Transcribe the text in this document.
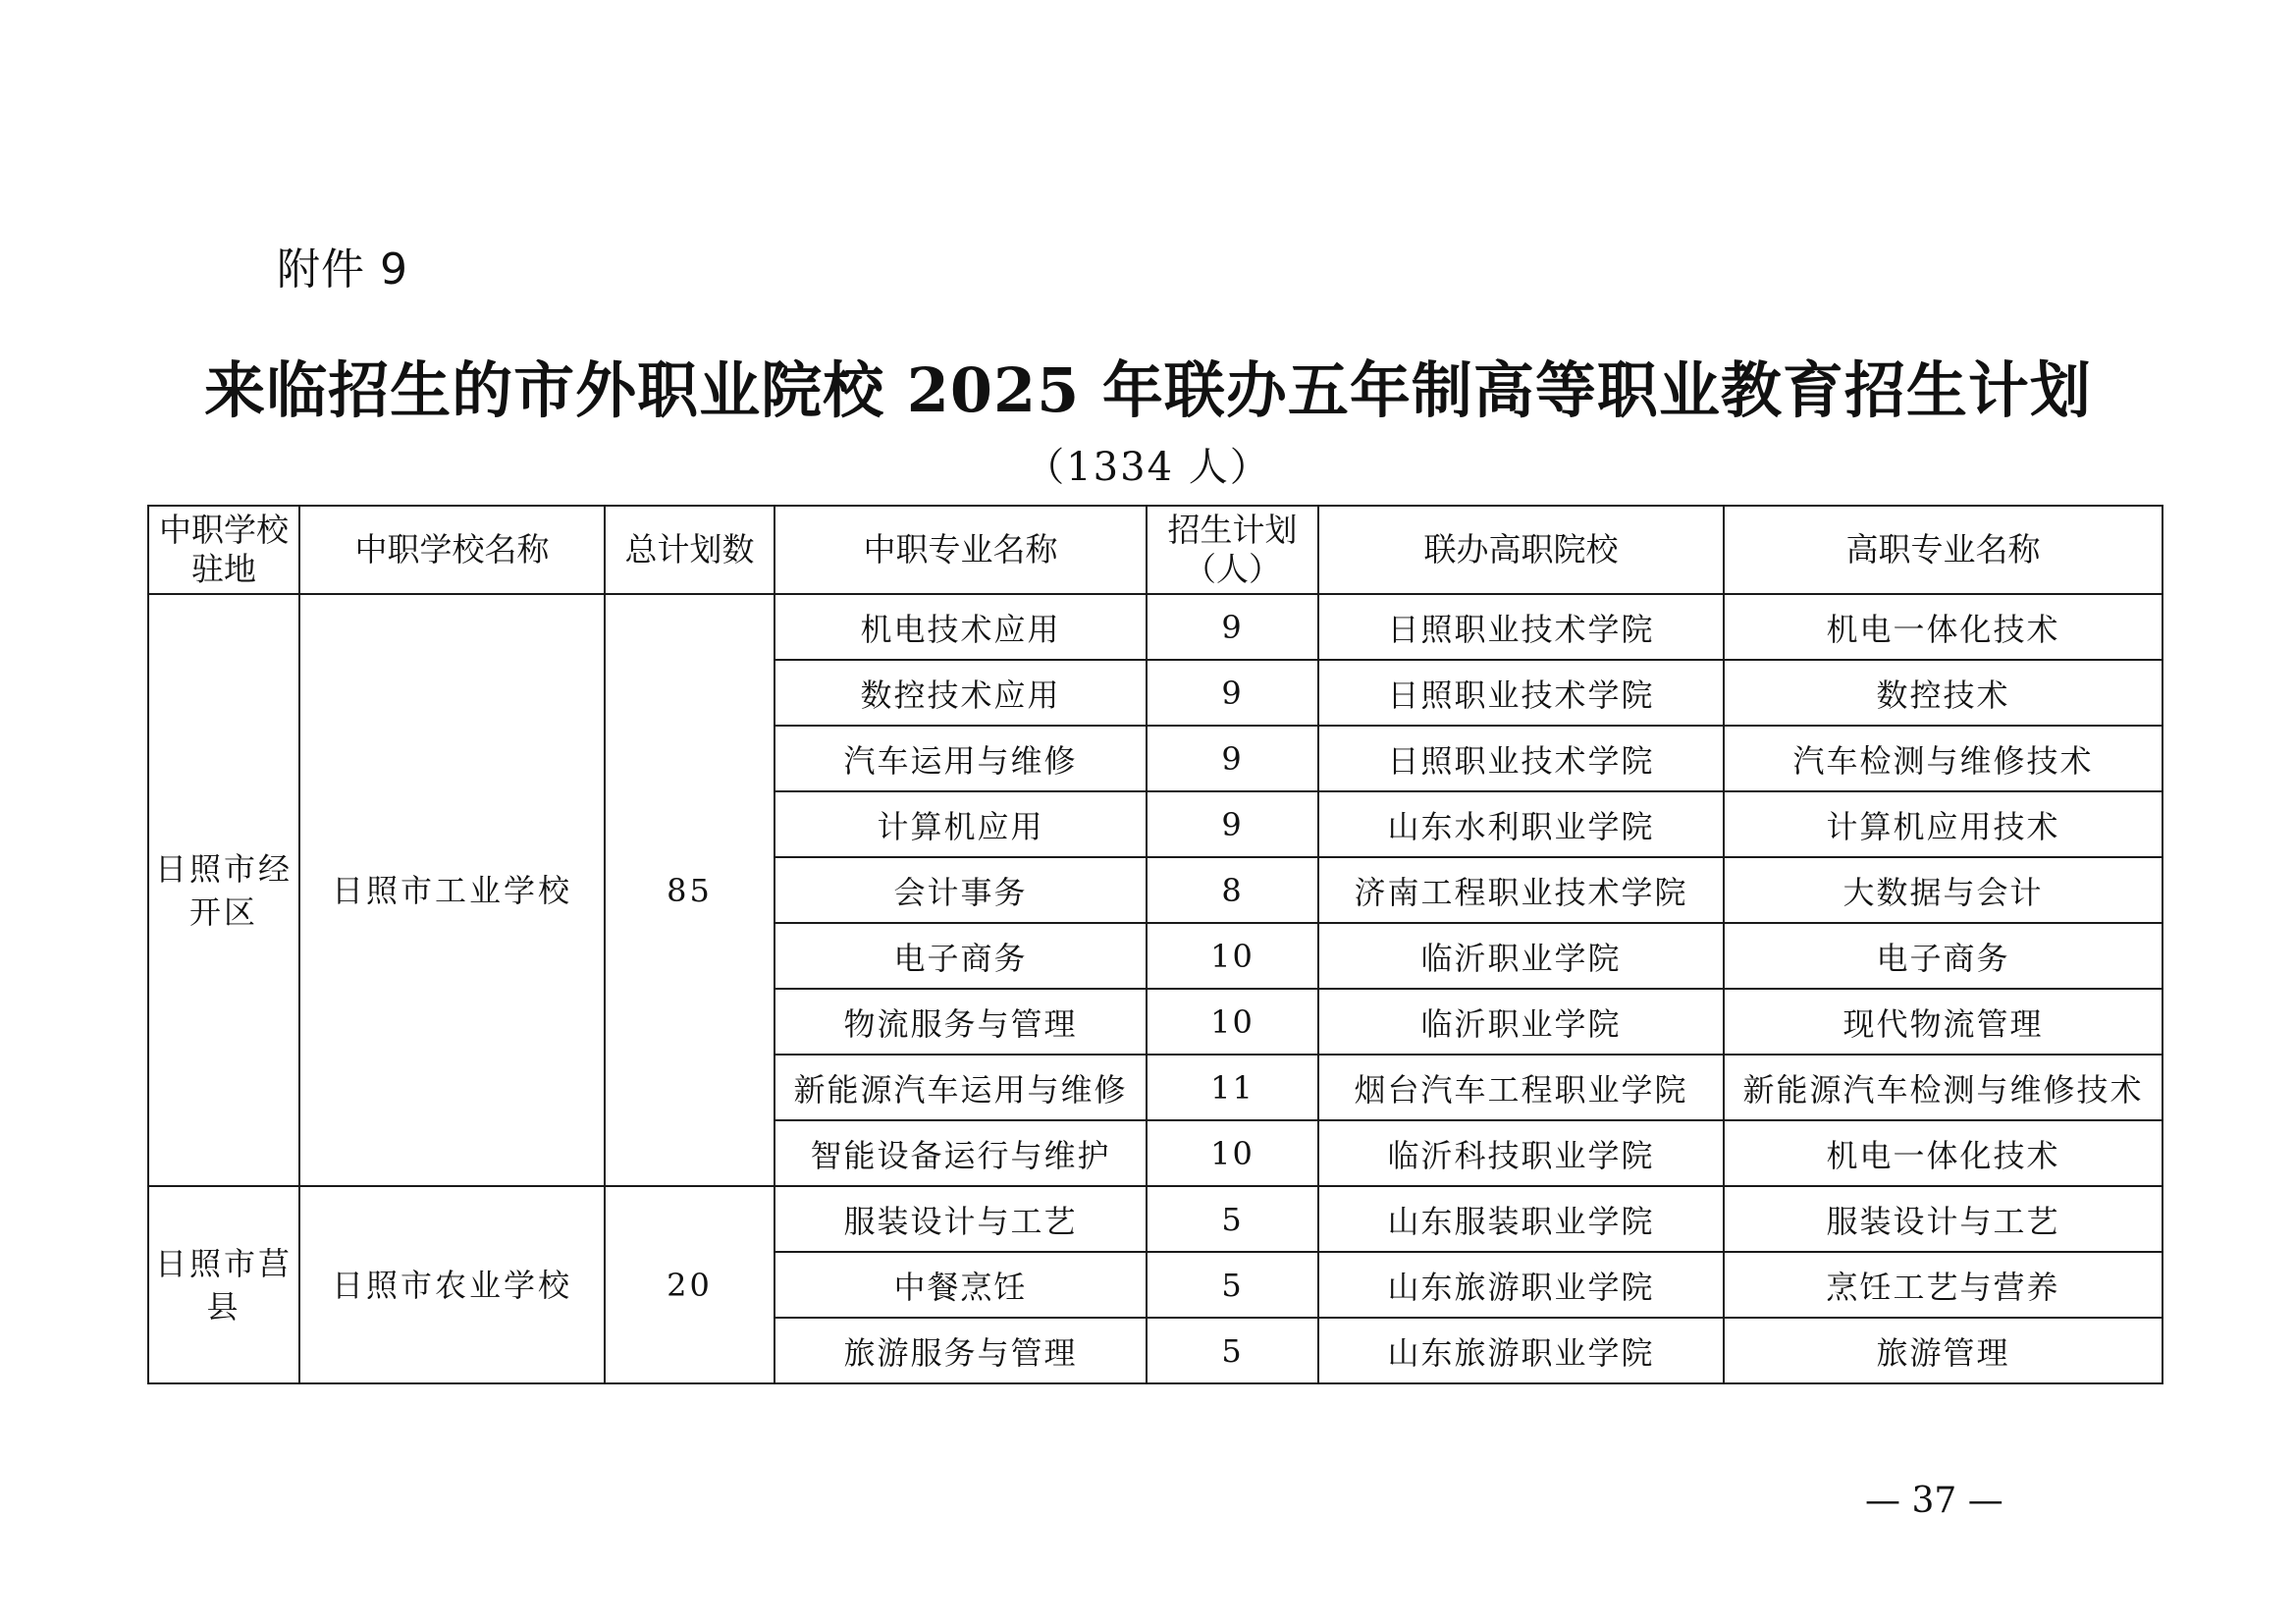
附件 9
来临招生的市外职业院校 2025 年联办五年制高等职业教育招生计划
（1334 人）
中职学校驻地	中职学校名称	总计划数	中职专业名称	招生计划（人）	联办高职院校	高职专业名称
日照市经开区	日照市工业学校	85	机电技术应用	9	日照职业技术学院	机电一体化技术
			数控技术应用	9	日照职业技术学院	数控技术
			汽车运用与维修	9	日照职业技术学院	汽车检测与维修技术
			计算机应用	9	山东水利职业学院	计算机应用技术
			会计事务	8	济南工程职业技术学院	大数据与会计
			电子商务	10	临沂职业学院	电子商务
			物流服务与管理	10	临沂职业学院	现代物流管理
			新能源汽车运用与维修	11	烟台汽车工程职业学院	新能源汽车检测与维修技术
			智能设备运行与维护	10	临沂科技职业学院	机电一体化技术
日照市莒县	日照市农业学校	20	服装设计与工艺	5	山东服装职业学院	服装设计与工艺
			中餐烹饪	5	山东旅游职业学院	烹饪工艺与营养
			旅游服务与管理	5	山东旅游职业学院	旅游管理
— 37 —
